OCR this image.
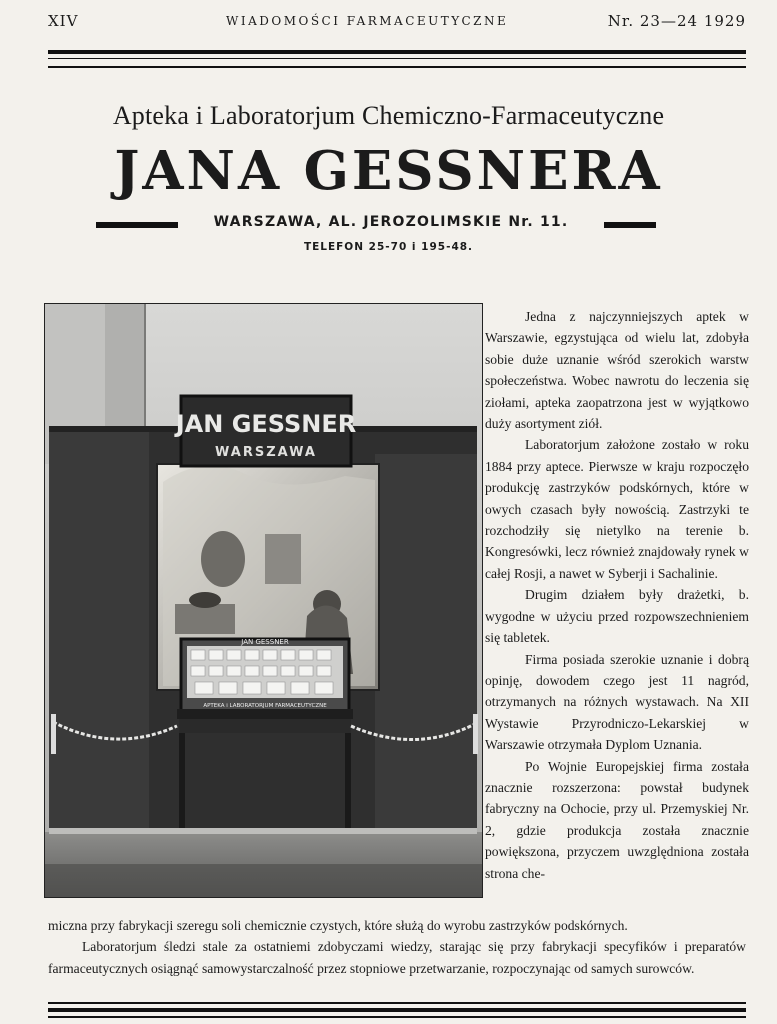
XIV	WIADOMOŚCI FARMACEUTYCZNE	Nr. 23—24 1929
Apteka i Laboratorjum Chemiczno-Farmaceutyczne
JANA GESSNERA
WARSZAWA, AL. JEROZOLIMSKIE Nr. 11.
TELEFON 25-70 i 195-48.
JAN GESSNER
WARSZAWA
JAN GESSNER
APTEKA i LABORATORJUM FARMACEUTYCZNE

Jedna z najczynniejszych aptek w Warszawie, egzystująca od wielu lat, zdobyła sobie duże uznanie wśród szerokich warstw społeczeństwa. Wobec nawrotu do leczenia się ziołami, apteka zaopatrzona jest w wyjątkowo duży asortyment ziół.

Laboratorjum założone zostało w roku 1884 przy aptece. Pierwsze w kraju rozpoczęło produkcję zastrzyków podskórnych, które w owych czasach były nowością. Zastrzyki te rozchodziły się nietylko na terenie b. Kongresówki, lecz również znajdowały rynek w całej Rosji, a nawet w Syberji i Sachalinie.

Drugim działem były drażetki, b. wygodne w użyciu przed rozpowszechnieniem się tabletek.

Firma posiada szerokie uznanie i dobrą opinję, dowodem czego jest 11 nagród, otrzymanych na różnych wystawach. Na XII Wystawie Przyrodniczo-Lekarskiej w Warszawie otrzymała Dyplom Uznania.

Po Wojnie Europejskiej firma została znacznie rozszerzona: powstał budynek fabryczny na Ochocie, przy ul. Przemyskiej Nr. 2, gdzie produkcja została znacznie powiększona, przyczem uwzględniona została strona che-

miczna przy fabrykacji szeregu soli chemicznie czystych, które służą do wyrobu zastrzyków podskórnych.

Laboratorjum śledzi stale za ostatniemi zdobyczami wiedzy, starając się przy fabrykacji specyfików i preparatów farmaceutycznych osiągnąć samowystarczalność przez stopniowe przetwarzanie, rozpoczynając od samych surowców.
